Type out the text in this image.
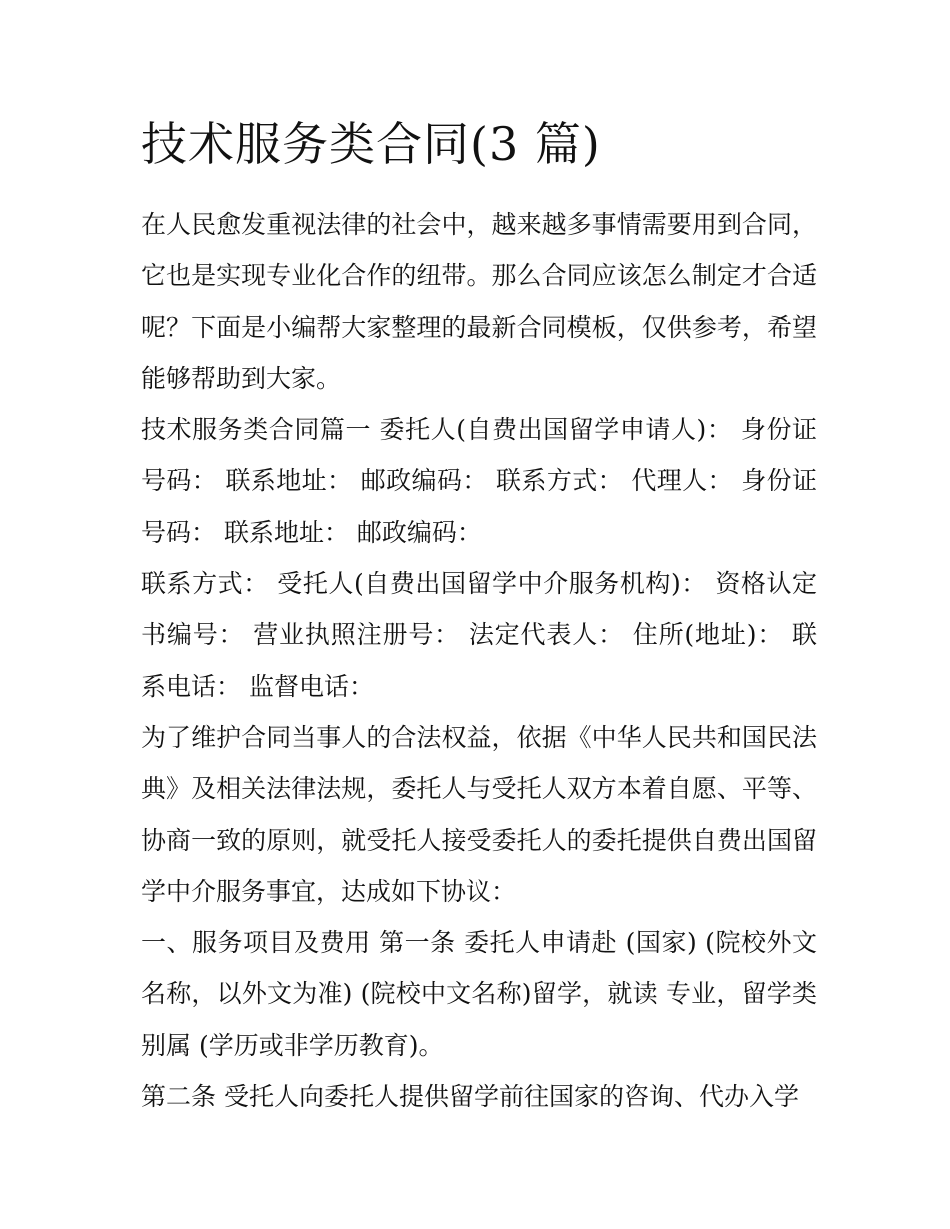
技术服务类合同(3 篇)

在人民愈发重视法律的社会中，越来越多事情需要用到合同，它也是实现专业化合作的纽带。那么合同应该怎么制定才合适呢？下面是小编帮大家整理的最新合同模板，仅供参考，希望能够帮助到大家。

技术服务类合同篇一 委托人(自费出国留学申请人)： 身份证号码： 联系地址： 邮政编码： 联系方式： 代理人： 身份证号码： 联系地址： 邮政编码：

联系方式： 受托人(自费出国留学中介服务机构)： 资格认定书编号： 营业执照注册号： 法定代表人： 住所(地址)： 联系电话： 监督电话：

为了维护合同当事人的合法权益，依据《中华人民共和国民法典》及相关法律法规，委托人与受托人双方本着自愿、平等、协商一致的原则，就受托人接受委托人的委托提供自费出国留学中介服务事宜，达成如下协议：

一、服务项目及费用 第一条 委托人申请赴 (国家) (院校外文名称，以外文为准) (院校中文名称)留学，就读 专业，留学类别属 (学历或非学历教育)。

第二条 受托人向委托人提供留学前往国家的咨询、代办入学
